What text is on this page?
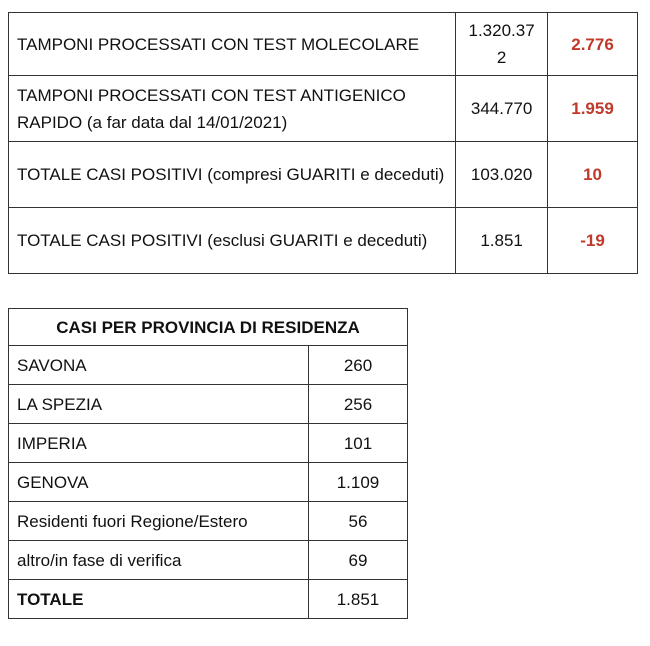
TAMPONI PROCESSATI CON TEST MOLECOLARE	1.320.372	2.776
TAMPONI PROCESSATI CON TEST ANTIGENICO RAPIDO (a far data dal 14/01/2021)	344.770	1.959
TOTALE CASI POSITIVI (compresi GUARITI e deceduti)	103.020	10
TOTALE CASI POSITIVI (esclusi GUARITI e deceduti)	1.851	-19
CASI PER PROVINCIA DI RESIDENZA	
SAVONA	260
LA SPEZIA	256
IMPERIA	101
GENOVA	1.109
Residenti fuori Regione/Estero	56
altro/in fase di verifica	69
TOTALE	1.851
